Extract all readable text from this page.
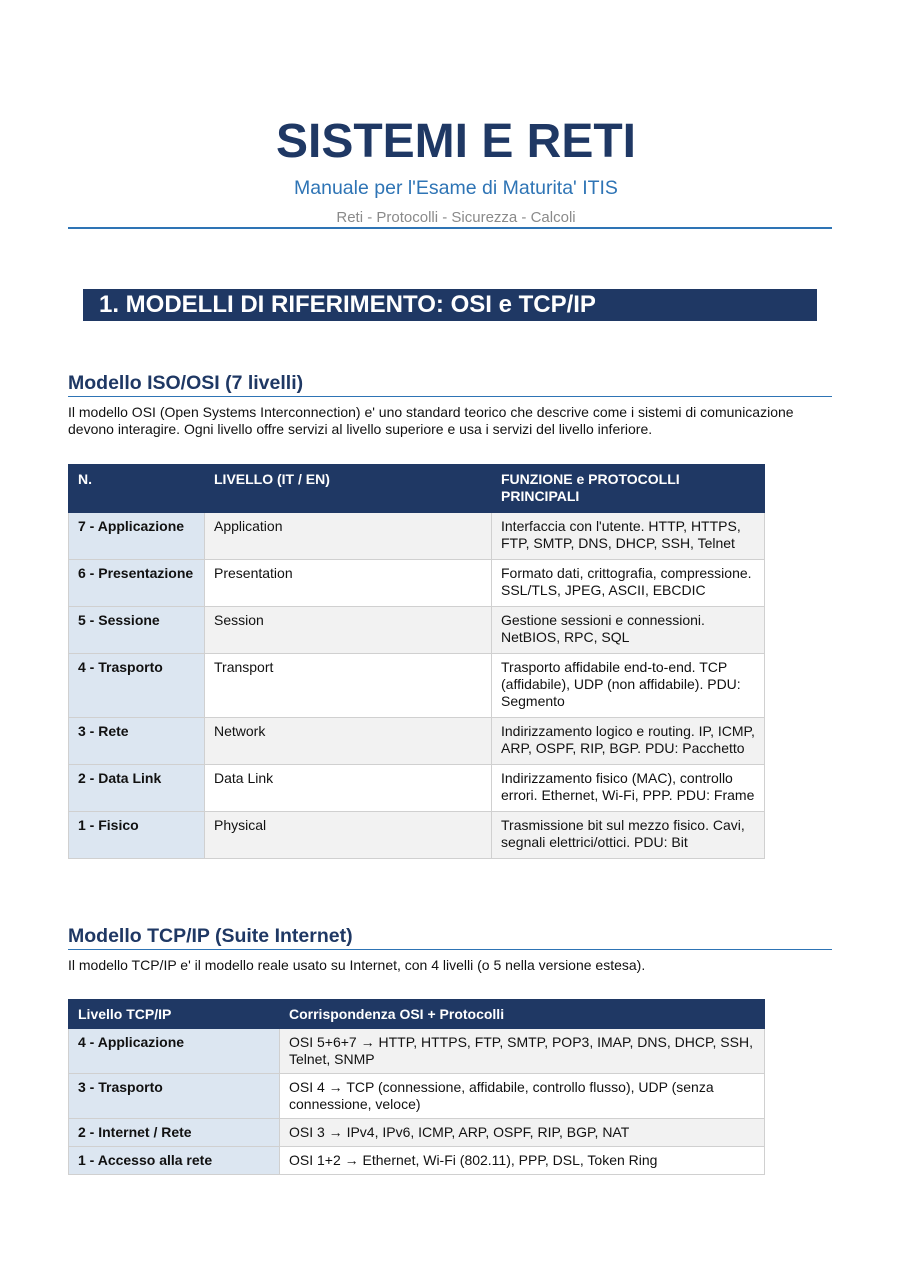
SISTEMI E RETI
Manuale per l'Esame di Maturita' ITIS
Reti - Protocolli - Sicurezza - Calcoli
1. MODELLI DI RIFERIMENTO: OSI e TCP/IP
Modello ISO/OSI (7 livelli)

Il modello OSI (Open Systems Interconnection) e' uno standard teorico che descrive come i sistemi di comunicazione devono interagire. Ogni livello offre servizi al livello superiore e usa i servizi del livello inferiore.

N.	LIVELLO (IT / EN)	FUNZIONE e PROTOCOLLI PRINCIPALI
7 - Applicazione	Application	Interfaccia con l'utente. HTTP, HTTPS, FTP, SMTP, DNS, DHCP, SSH, Telnet
6 - Presentazione	Presentation	Formato dati, crittografia, compressione. SSL/TLS, JPEG, ASCII, EBCDIC
5 - Sessione	Session	Gestione sessioni e connessioni. NetBIOS, RPC, SQL
4 - Trasporto	Transport	Trasporto affidabile end-to-end. TCP (affidabile), UDP (non affidabile). PDU: Segmento
3 - Rete	Network	Indirizzamento logico e routing. IP, ICMP, ARP, OSPF, RIP, BGP. PDU: Pacchetto
2 - Data Link	Data Link	Indirizzamento fisico (MAC), controllo errori. Ethernet, Wi-Fi, PPP. PDU: Frame
1 - Fisico	Physical	Trasmissione bit sul mezzo fisico. Cavi, segnali elettrici/ottici. PDU: Bit
Modello TCP/IP (Suite Internet)

Il modello TCP/IP e' il modello reale usato su Internet, con 4 livelli (o 5 nella versione estesa).

Livello TCP/IP	Corrispondenza OSI + Protocolli
4 - Applicazione	OSI 5+6+7 → HTTP, HTTPS, FTP, SMTP, POP3, IMAP, DNS, DHCP, SSH, Telnet, SNMP
3 - Trasporto	OSI 4 → TCP (connessione, affidabile, controllo flusso), UDP (senza connessione, veloce)
2 - Internet / Rete	OSI 3 → IPv4, IPv6, ICMP, ARP, OSPF, RIP, BGP, NAT
1 - Accesso alla rete	OSI 1+2 → Ethernet, Wi-Fi (802.11), PPP, DSL, Token Ring
